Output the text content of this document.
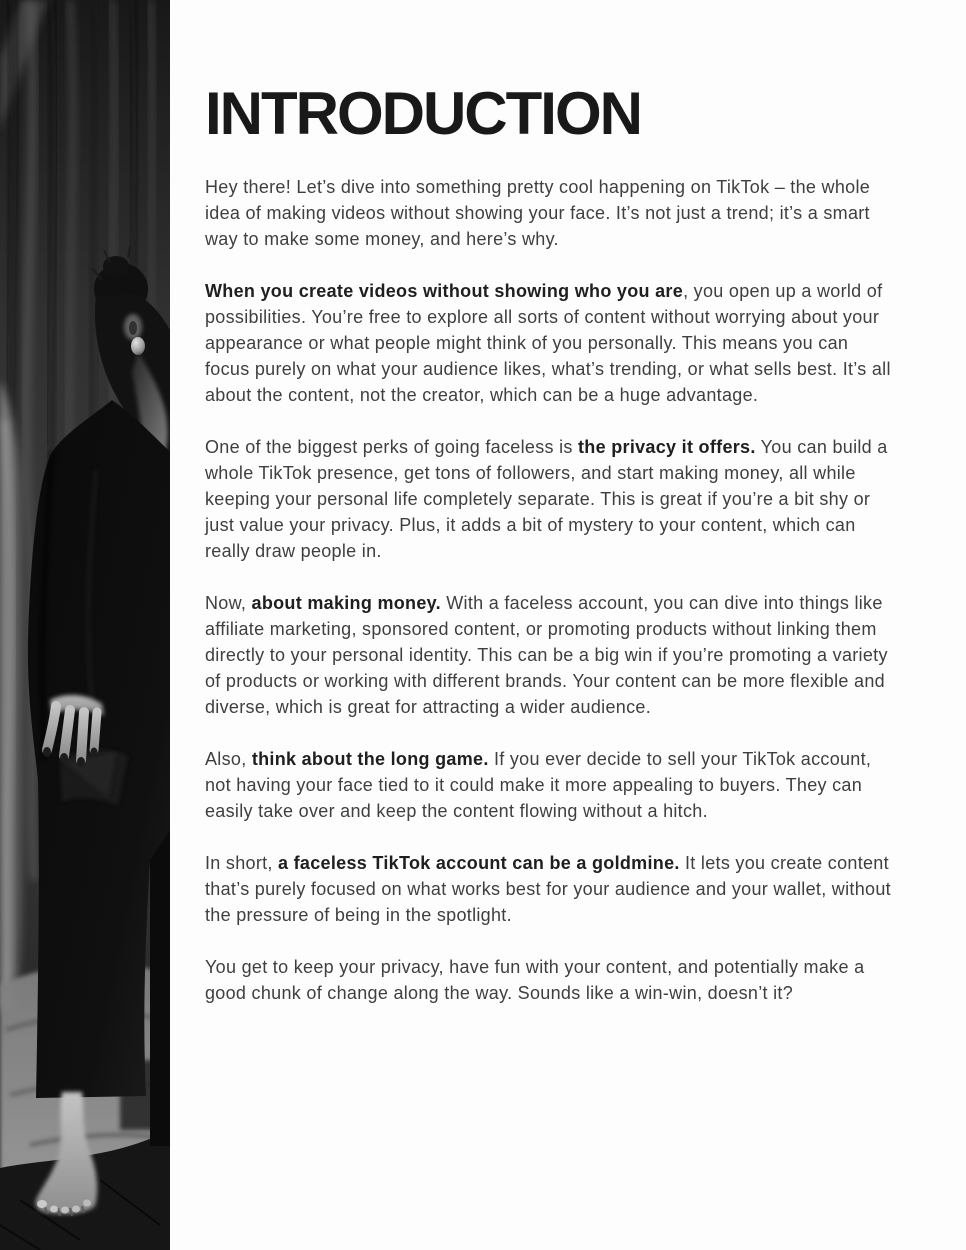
INTRODUCTION

Hey there! Let’s dive into something pretty cool happening on TikTok – the whole idea of making videos without showing your face. It’s not just a trend; it’s a smart way to make some money, and here’s why.

When you create videos without showing who you are, you open up a world of possibilities. You’re free to explore all sorts of content without worrying about your appearance or what people might think of you personally. This means you can focus purely on what your audience likes, what’s trending, or what sells best. It’s all about the content, not the creator, which can be a huge advantage.

One of the biggest perks of going faceless is the privacy it offers. You can build a whole TikTok presence, get tons of followers, and start making money, all while keeping your personal life completely separate. This is great if you’re a bit shy or just value your privacy. Plus, it adds a bit of mystery to your content, which can really draw people in.

Now, about making money. With a faceless account, you can dive into things like affiliate marketing, sponsored content, or promoting products without linking them directly to your personal identity. This can be a big win if you’re promoting a variety of products or working with different brands. Your content can be more flexible and diverse, which is great for attracting a wider audience.

Also, think about the long game. If you ever decide to sell your TikTok account, not having your face tied to it could make it more appealing to buyers. They can easily take over and keep the content flowing without a hitch.

In short, a faceless TikTok account can be a goldmine. It lets you create content that’s purely focused on what works best for your audience and your wallet, without the pressure of being in the spotlight.

You get to keep your privacy, have fun with your content, and potentially make a good chunk of change along the way. Sounds like a win-win, doesn’t it?
